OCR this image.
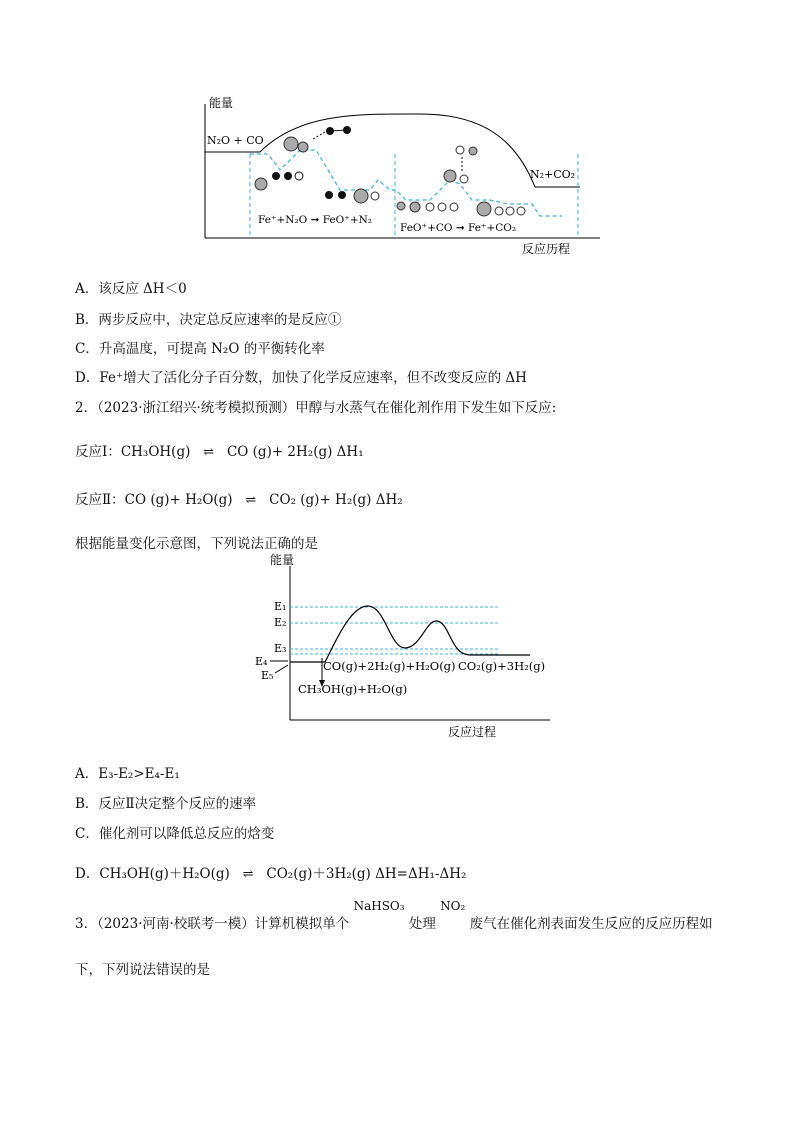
能量
反应历程
N₂O + CO
N₂+CO₂
Fe⁺+N₂O ➞ FeO⁺+N₂
FeO⁺+CO ➞ Fe⁺+CO₂
A．该反应 ΔH＜0
B．两步反应中，决定总反应速率的是反应①
C．升高温度，可提高 N₂O 的平衡转化率
D．Fe⁺增大了活化分子百分数，加快了化学反应速率，但不改变反应的 ΔH
2．（2023·浙江绍兴·统考模拟预测）甲醇与水蒸气在催化剂作用下发生如下反应:
反应Ⅰ：CH₃OH(g) ⇌ CO (g)+ 2H₂(g) ΔH₁
反应Ⅱ：CO (g)+ H₂O(g) ⇌ CO₂ (g)+ H₂(g) ΔH₂
根据能量变化示意图，下列说法正确的是
能量
反应过程
E₁
E₂
E₃
E₄
E₅
CO(g)+2H₂(g)+H₂O(g) CO₂(g)+3H₂(g)
CH₃OH(g)+H₂O(g)
A．E₃-E₂>E₄-E₁
B．反应Ⅱ决定整个反应的速率
C．催化剂可以降低总反应的焓变
D．CH₃OH(g)＋H₂O(g) ⇌ CO₂(g)＋3H₂(g) ΔH=ΔH₁-ΔH₂
3．（2023·河南·校联考一模）计算机模拟单个 NaHSO₃ 处理 NO₂ 废气在催化剂表面发生反应的反应历程如
下，下列说法错误的是
